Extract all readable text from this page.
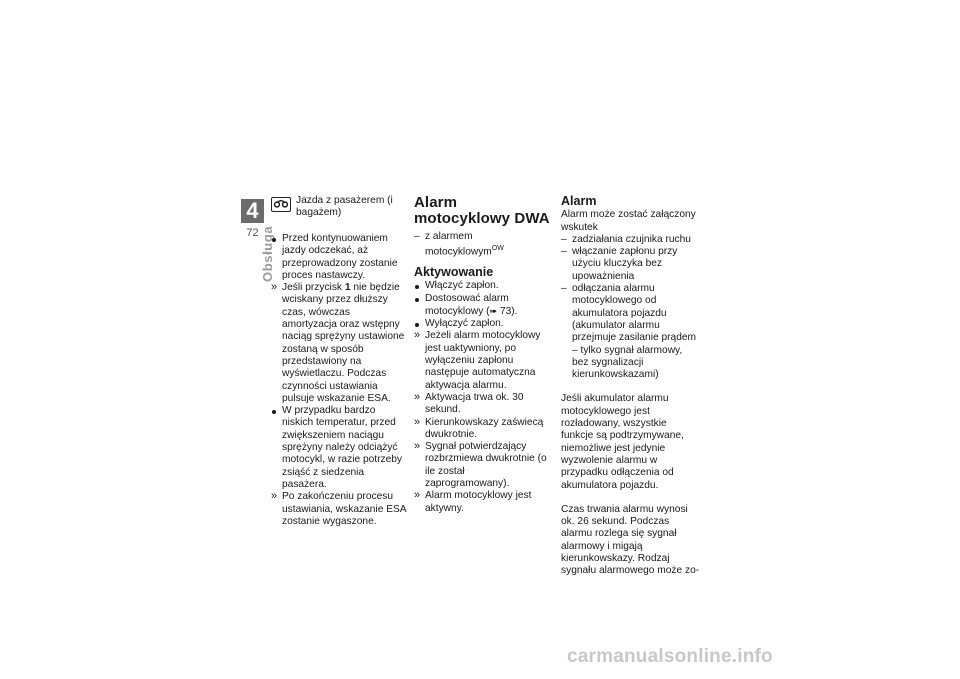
4
72 Obsługa
Jazda z pasażerem (i bagażem)
Przed kontynuowaniem jazdy odczekać, aż przeprowadzony zostanie proces nastawczy.
Jeśli przycisk 1 nie będzie wciskany przez dłuższy czas, wówczas amortyzacja oraz wstępny naciąg sprężyny ustawione zostaną w sposób przedstawiony na wyświetlaczu. Podczas czynności ustawiania pulsuje wskazanie ESA.
W przypadku bardzo niskich temperatur, przed zwiększeniem naciągu sprężyny należy odciążyć motocykl, w razie potrzeby zsiąść z siedzenia pasażera.
Po zakończeniu procesu ustawiania, wskazanie ESA zostanie wygaszone.
Alarm motocyklowy DWA
– z alarmem motocyklowym$^{OW}$
Aktywowanie
Włączyć zapłon.
Dostosować alarm motocyklowy (➠ 73).
Wyłączyć zapłon.
Jeżeli alarm motocyklowy jest uaktywniony, po wyłączeniu zapłonu następuje automatyczna aktywacja alarmu.
Aktywacja trwa ok. 30 sekund.
Kierunkowskazy zaświecą dwukrotnie.
Sygnał potwierdzający rozbrzmiewa dwukrotnie (o ile został zaprogramowany).
Alarm motocyklowy jest aktywny.
Alarm

Alarm może zostać załączony wskutek

zadziałania czujnika ruchu
włączanie zapłonu przy użyciu kluczyka bez upoważnienia
odłączania alarmu motocyklowego od akumulatora pojazdu (akumulator alarmu przejmuje zasilanie prądem – tylko sygnał alarmowy, bez sygnalizacji kierunkowskazami)

Jeśli akumulator alarmu motocyklowego jest rozładowany, wszystkie funkcje są podtrzymywane, niemożliwe jest jedynie wyzwolenie alarmu w przypadku odłączenia od akumulatora pojazdu.

Czas trwania alarmu wynosi ok. 26 sekund. Podczas alarmu rozlega się sygnał alarmowy i migają kierunkowskazy. Rodzaj sygnału alarmowego może zo-

carmanualsonline.info
